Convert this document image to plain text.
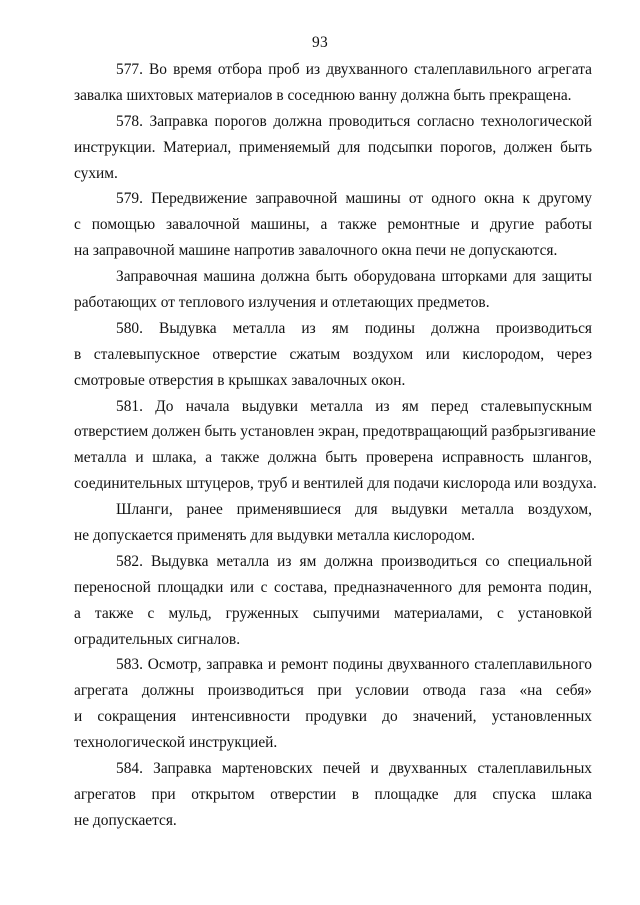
93
577. Во время отбора проб из двухванного сталеплавильного агрегата
завалка шихтовых материалов в соседнюю ванну должна быть прекращена.
578. Заправка порогов должна проводиться согласно технологической
инструкции. Материал, применяемый для подсыпки порогов, должен быть
сухим.
579. Передвижение заправочной машины от одного окна к другому
с помощью завалочной машины, а также ремонтные и другие работы
на заправочной машине напротив завалочного окна печи не допускаются.
Заправочная машина должна быть оборудована шторками для защиты
работающих от теплового излучения и отлетающих предметов.
580. Выдувка металла из ям подины должна производиться
в сталевыпускное отверстие сжатым воздухом или кислородом, через
смотровые отверстия в крышках завалочных окон.
581. До начала выдувки металла из ям перед сталевыпускным
отверстием должен быть установлен экран, предотвращающий разбрызгивание
металла и шлака, а также должна быть проверена исправность шлангов,
соединительных штуцеров, труб и вентилей для подачи кислорода или воздуха.
Шланги, ранее применявшиеся для выдувки металла воздухом,
не допускается применять для выдувки металла кислородом.
582. Выдувка металла из ям должна производиться со специальной
переносной площадки или с состава, предназначенного для ремонта подин,
а также с мульд, груженных сыпучими материалами, с установкой
оградительных сигналов.
583. Осмотр, заправка и ремонт подины двухванного сталеплавильного
агрегата должны производиться при условии отвода газа «на себя»
и сокращения интенсивности продувки до значений, установленных
технологической инструкцией.
584. Заправка мартеновских печей и двухванных сталеплавильных
агрегатов при открытом отверстии в площадке для спуска шлака
не допускается.
